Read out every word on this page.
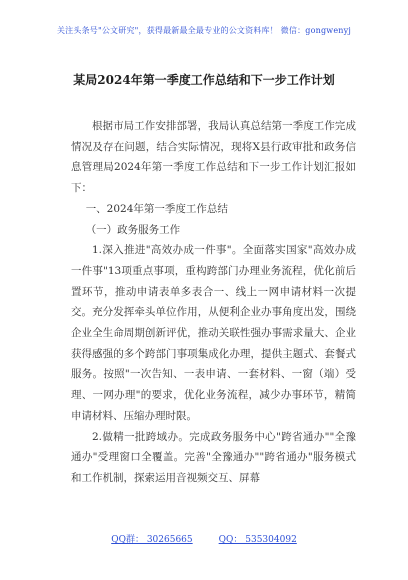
关注头条号"公文研究"，获得最新最全最专业的公文资料库！ 微信：gongwenyj
某局2024年第一季度工作总结和下一步工作计划

根据市局工作安排部署，我局认真总结第一季度工作完成情况及存在问题，结合实际情况，现将X县行政审批和政务信息管理局2024年第一季度工作总结和下一步工作计划汇报如下：

一、2024年第一季度工作总结

（一）政务服务工作

1.深入推进"高效办成一件事"。全面落实国家"高效办成一件事"13项重点事项，重构跨部门办理业务流程，优化前后置环节，推动申请表单多表合一、线上一网申请材料一次提交。充分发挥牵头单位作用，从便利企业办事角度出发，围绕企业全生命周期创新评优，推动关联性强办事需求量大、企业获得感强的多个跨部门事项集成化办理，提供主题式、套餐式服务。按照"一次告知、一表申请、一套材料、一窗（端）受理、一网办理"的要求，优化业务流程，减少办事环节，精简申请材料、压缩办理时限。

2.做精一批跨域办。完成政务服务中心"跨省通办""全豫通办"受理窗口全覆盖。完善"全豫通办""跨省通办"服务模式和工作机制，探索运用音视频交互、屏幕

QQ群： 30265665	QQ： 535304092
